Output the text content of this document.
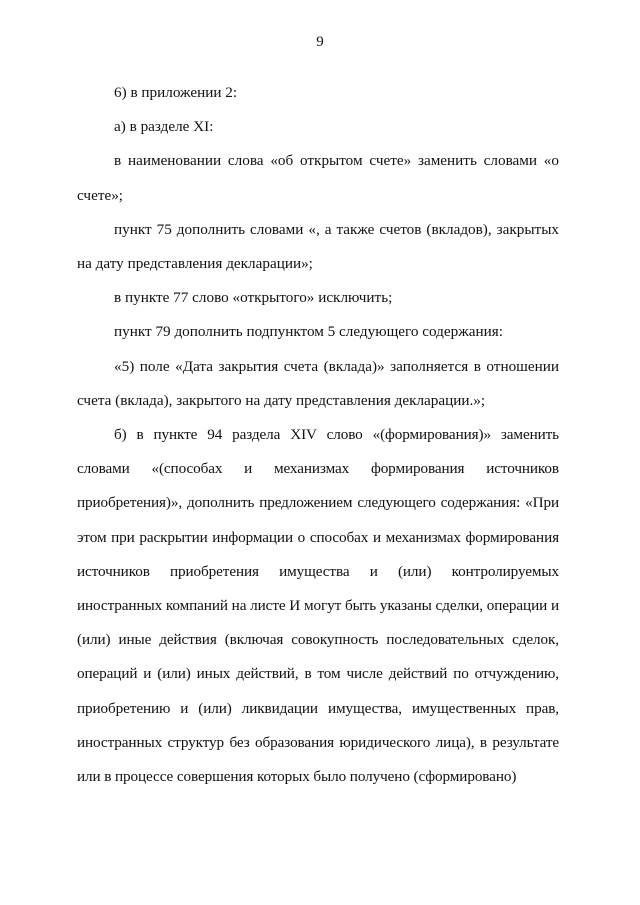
9

6) в приложении 2:

а) в разделе XI:

в наименовании слова «об открытом счете» заменить словами «о счете»;

пункт 75 дополнить словами «, а также счетов (вкладов), закрытых на дату представления декларации»;

в пункте 77 слово «открытого» исключить;

пункт 79 дополнить подпунктом 5 следующего содержания:

«5) поле «Дата закрытия счета (вклада)» заполняется в отношении счета (вклада), закрытого на дату представления декларации.»;

б) в пункте 94 раздела XIV слово «(формирования)» заменить словами «(способах и механизмах формирования источников приобретения)», дополнить предложением следующего содержания: «При этом при раскрытии информации о способах и механизмах формирования источников приобретения имущества и (или) контролируемых иностранных компаний на листе И могут быть указаны сделки, операции и (или) иные действия (включая совокупность последовательных сделок, операций и (или) иных действий, в том числе действий по отчуждению, приобретению и (или) ликвидации имущества, имущественных прав, иностранных структур без образования юридического лица), в результате или в процессе совершения которых было получено (сформировано)
